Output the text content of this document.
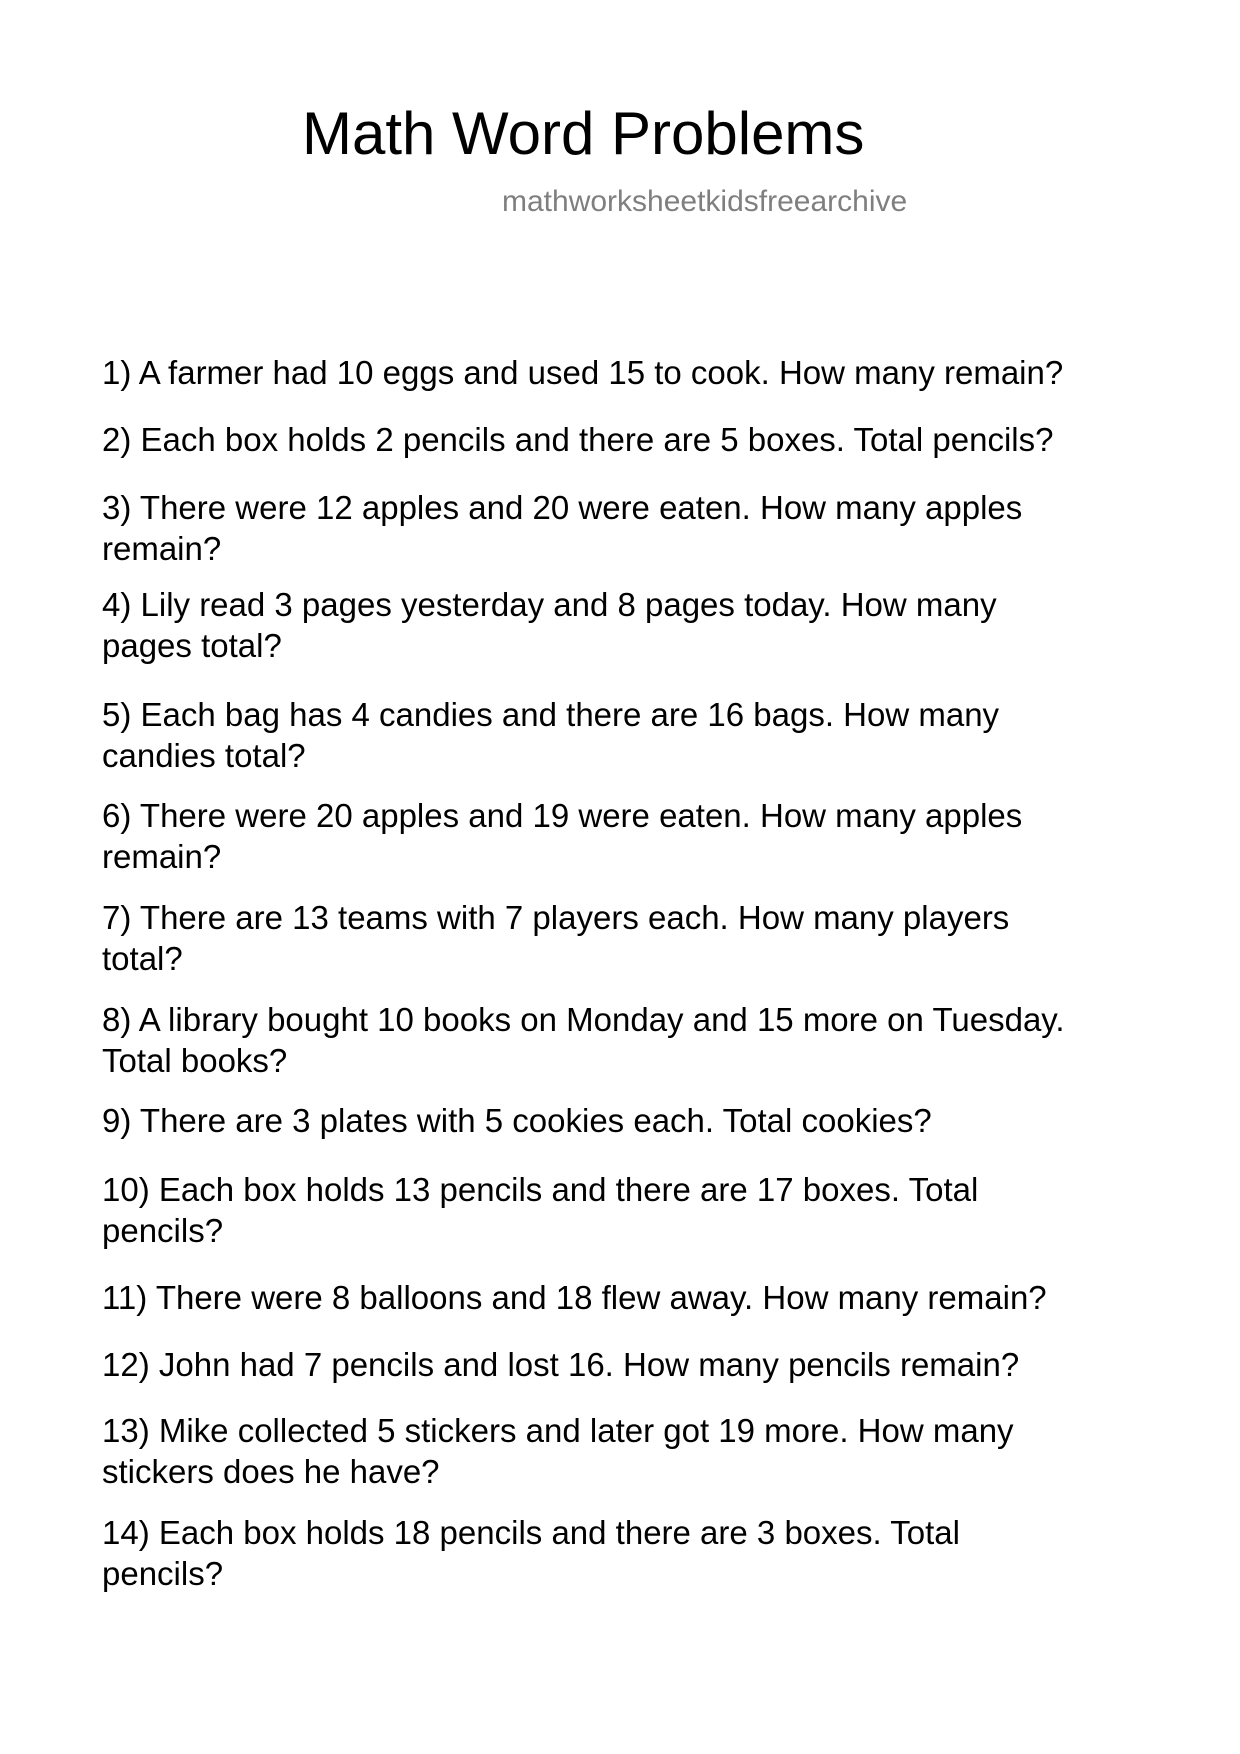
Math Word Problems
mathworksheetkidsfreearchive
1) A farmer had 10 eggs and used 15 to cook. How many remain?
2) Each box holds 2 pencils and there are 5 boxes. Total pencils?
3) There were 12 apples and 20 were eaten. How many apples
remain?
4) Lily read 3 pages yesterday and 8 pages today. How many
pages total?
5) Each bag has 4 candies and there are 16 bags. How many
candies total?
6) There were 20 apples and 19 were eaten. How many apples
remain?
7) There are 13 teams with 7 players each. How many players
total?
8) A library bought 10 books on Monday and 15 more on Tuesday.
Total books?
9) There are 3 plates with 5 cookies each. Total cookies?
10) Each box holds 13 pencils and there are 17 boxes. Total
pencils?
11) There were 8 balloons and 18 flew away. How many remain?
12) John had 7 pencils and lost 16. How many pencils remain?
13) Mike collected 5 stickers and later got 19 more. How many
stickers does he have?
14) Each box holds 18 pencils and there are 3 boxes. Total
pencils?
